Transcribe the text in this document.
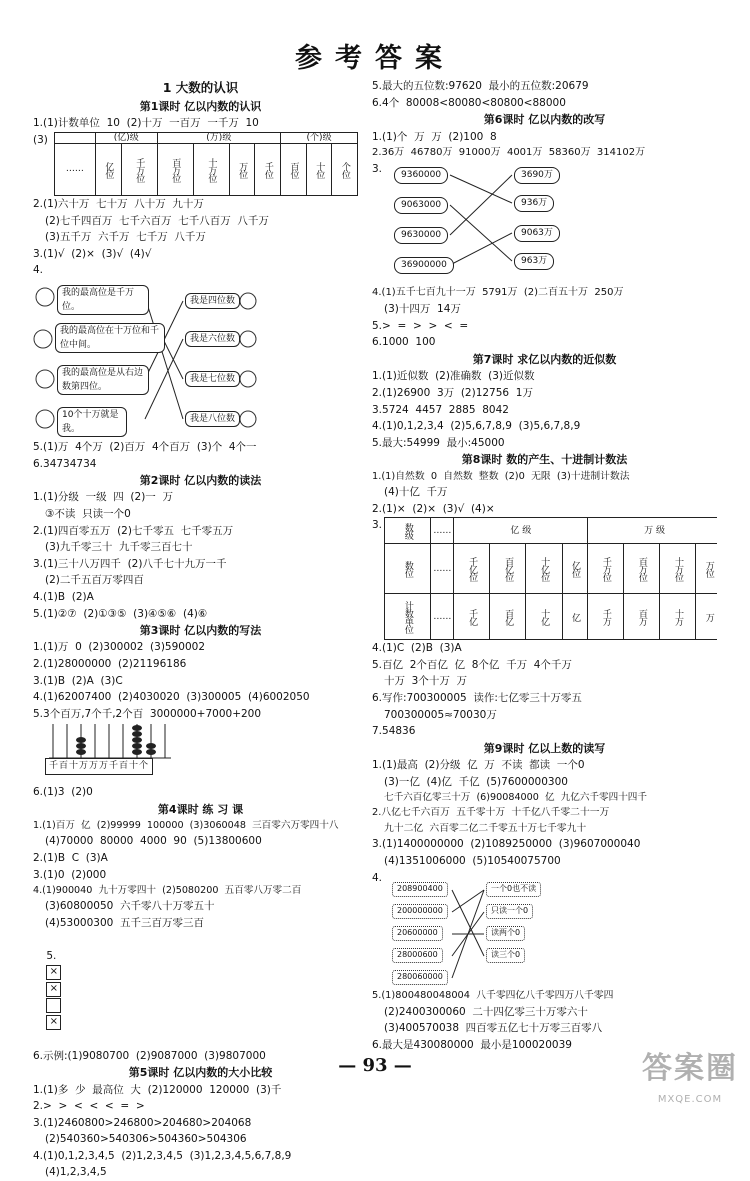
参考答案
1 大数的认识
第1课时 亿以内数的认识
1.(1)计数单位  10  (2)十万  一百万  一千万  10
(3)
		(亿)级		(万)级				(个)级		
……	亿位	千万位	百万位	十万位	万位	千位	百位	十位	个位
2.(1)六十万  七十万  八十万  九十万
(2)七千四百万  七千六百万  七千八百万  八千万
(3)五千万  六千万  七千万  八千万
3.(1)√  (2)×  (3)√  (4)√
4.
我的最高位是千万位。
我的最高位在十万位和千位中间。
我的最高位是从右边数第四位。
10个十万就是我。
我是四位数
我是六位数
我是七位数
我是八位数
5.(1)万  4个万  (2)百万  4个百万  (3)个  4个一
6.34734734
第2课时 亿以内数的读法
1.(1)分级  一级  四  (2)一  万
③不读  只读一个0
2.(1)四百零五万  (2)七千零五  七千零五万
(3)九千零三十  九千零三百七十
3.(1)三十八万四千  (2)八千七十九万一千
(2)二千五百万零四百
4.(1)B  (2)A
5.(1)②⑦  (2)①③⑤  (3)④⑤⑥  (4)⑥
第3课时 亿以内数的写法
1.(1)万  0  (2)300002  (3)590002
2.(1)28000000  (2)21196186
3.(1)B  (2)A  (3)C
4.(1)62007400  (2)4030020  (3)300005  (4)6002050
5.3个百万,7个千,2个百  3000000+7000+200
千百十万万万千百十个
6.(1)3  (2)0
第4课时 练 习 课
1.(1)百万  亿  (2)99999  100000  (3)3060048  三百零六万零四十八
(4)70000  80000  4000  90  (5)13800600
2.(1)B  C  (3)A
3.(1)0  (2)000
4.(1)900040  九十万零四十  (2)5080200  五百零八万零二百
(3)60800050  六千零八十万零五十
(4)53000300  五千三百万零三百

5.
×
×

×

6.示例:(1)9080700  (2)9087000  (3)9807000
第5课时 亿以内数的大小比较
1.(1)多  少  最高位  大  (2)120000  120000  (3)千
2.>  >  <  <  <  =  >
3.(1)2460800>246800>204680>204068
(2)540360>540306>504360>504306
4.(1)0,1,2,3,4,5  (2)1,2,3,4,5  (3)1,2,3,4,5,6,7,8,9
(4)1,2,3,4,5
5.最大的五位数:97620  最小的五位数:20679
6.4个  80008<80080<80800<88000
第6课时 亿以内数的改写
1.(1)个  万  万  (2)100  8
2.36万  46780万  91000万  4001万  58360万  314102万
3.
9360000
9063000
9630000
36900000
3690万
936万
9063万
963万
4.(1)五千七百九十一万  5791万  (2)二百五十万  250万
(3)十四万  14万
5.>  =  >  >  <  =
6.1000  100
第7课时 求亿以内数的近似数
1.(1)近似数  (2)准确数  (3)近似数
2.(1)26900  3万  (2)12756  1万
3.5724  4457  2885  8042
4.(1)0,1,2,3,4  (2)5,6,7,8,9  (3)5,6,7,8,9
5.最大:54999  最小:45000
第8课时 数的产生、十进制计数法
1.(1)自然数  0  自然数  整数  (2)0  无限  (3)十进制计数法
(4)十亿  千万
2.(1)×  (2)×  (3)√  (4)×
3. 数级	……	亿 级				万 级	
数位	……	千亿位	百亿位	十亿位	亿位	千万位	百万位	十万位	万位				
计数单位	……	千亿	百亿	十亿	亿	千万	百万	十万	万				
4.(1)C  (2)B  (3)A
5.百亿  2个百亿  亿  8个亿  千万  4个千万
十万  3个十万  万
6.写作:700300005  读作:七亿零三十万零五
700300005≈70030万
7.54836
第9课时 亿以上数的读写
1.(1)最高  (2)分级  亿  万  不读  都读  一个0
(3)一亿  (4)亿  千亿  (5)7600000300
七千六百亿零三十万  (6)90084000  亿  九亿六千零四十四千
2.八亿七千六百万  五千零十万  十千亿八千零二十一万
九十二亿  六百零二亿二千零五十万七千零九十
3.(1)1400000000  (2)1089250000  (3)9607000040
(4)1351006000  (5)10540075700
4.
208900400
200000000
20600000
28000600
280060000
一个0也不读
只读一个0
读两个0
读三个0
5.(1)800480048004  八千零四亿八千零四万八千零四
(2)2400300060  二十四亿零三十万零六十
(3)400570038  四百零五亿七十万零三百零八
6.最大是430080000  最小是100020039
— 93 —	答案圈
MXQE.COM
